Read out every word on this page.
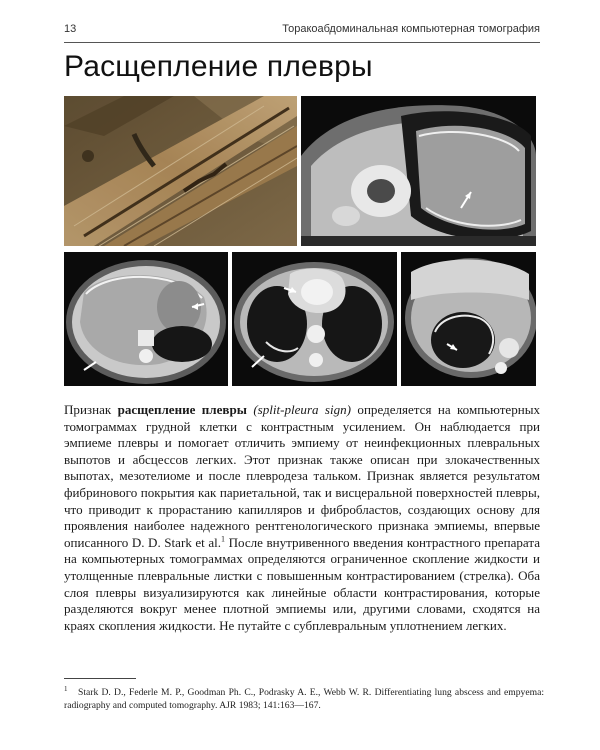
13	Торакоабдоминальная компьютерная томография
Расщепление плевры

Признак расщепление плевры (split-pleura sign) определяется на компьютерных томограммах грудной клетки с контрастным усилением. Он наблюдается при эмпиеме плевры и помогает отличить эмпиему от неинфекционных плевральных выпотов и абсцессов легких. Этот признак также описан при злокачественных выпотах, мезотелиоме и после плевродеза тальком. Признак является результатом фибринового покрытия как париетальной, так и висцеральной поверхностей плевры, что приводит к прорастанию капилляров и фибробластов, создающих основу для проявления наиболее надежного рентгенологического признака эмпиемы, впервые описанного D. D. Stark et al.$^1$ После внутривенного введения контрастного препарата на компьютерных томограммах определяются ограниченное скопление жидкости и утолщенные плевральные листки с повышенным контрастированием (стрелка). Оба слоя плевры визуализируются как линейные области контрастирования, которые разделяются вокруг менее плотной эмпиемы или, другими словами, сходятся на краях скопления жидкости. Не путайте с субплевральным уплотнением легких.

1 Stark D. D., Federle M. P., Goodman Ph. C., Podrasky A. E., Webb W. R. Differentiating lung abscess and empyema: radiography and computed tomography. AJR 1983; 141:163—167.
